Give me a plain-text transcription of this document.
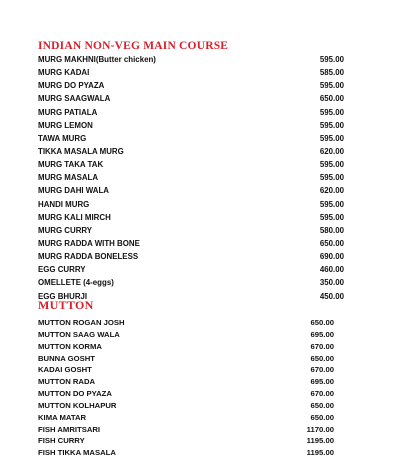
INDIAN NON-VEG MAIN COURSE
MURG MAKHNI(Butter chicken)	595.00
MURG KADAI	585.00
MURG DO PYAZA	595.00
MURG SAAGWALA	650.00
MURG PATIALA	595.00
MURG LEMON	595.00
TAWA MURG	595.00
TIKKA MASALA MURG	620.00
MURG TAKA TAK	595.00
MURG MASALA	595.00
MURG DAHI WALA	620.00
HANDI MURG	595.00
MURG KALI MIRCH	595.00
MURG CURRY	580.00
MURG RADDA WITH BONE	650.00
MURG RADDA BONELESS	690.00
EGG CURRY	460.00
OMELLETE (4-eggs)	350.00
EGG BHURJI	450.00
MUTTON
MUTTON ROGAN JOSH	650.00
MUTTON SAAG WALA	695.00
MUTTON KORMA	670.00
BUNNA GOSHT	650.00
KADAI GOSHT	670.00
MUTTON RADA	695.00
MUTTON DO PYAZA	670.00
MUTTON KOLHAPUR	650.00
KIMA MATAR	650.00
FISH AMRITSARI	1170.00
FISH CURRY	1195.00
FISH TIKKA MASALA	1195.00
